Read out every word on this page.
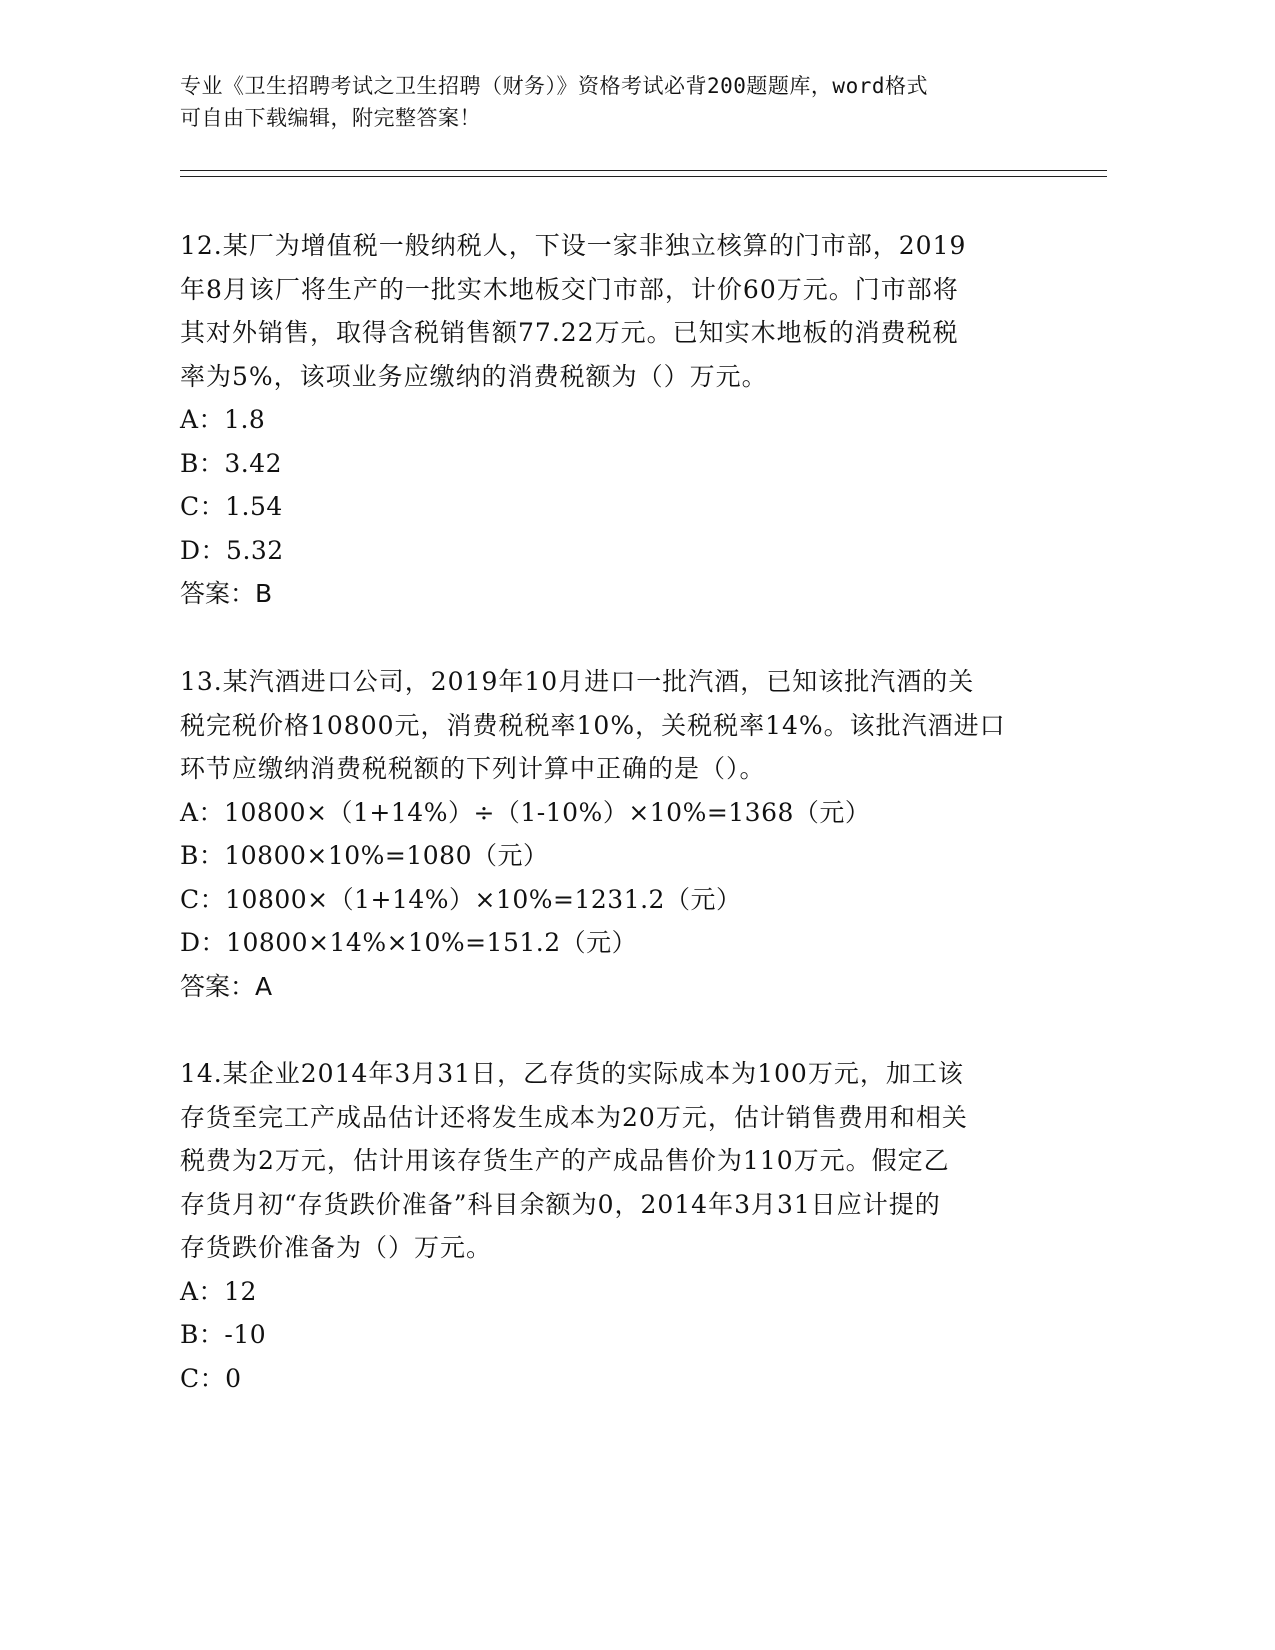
专业《卫生招聘考试之卫生招聘（财务）》资格考试必背200题题库，word格式
可自由下载编辑，附完整答案！
12.某厂为增值税一般纳税人，下设一家非独立核算的门市部，2019
年8月该厂将生产的一批实木地板交门市部，计价60万元。门市部将
其对外销售，取得含税销售额77.22万元。已知实木地板的消费税税
率为5%，该项业务应缴纳的消费税额为（）万元。
A：1.8
B：3.42
C：1.54
D：5.32
答案：B
13.某汽酒进口公司，2019年10月进口一批汽酒，已知该批汽酒的关
税完税价格10800元，消费税税率10%，关税税率14%。该批汽酒进口
环节应缴纳消费税税额的下列计算中正确的是（）。
A：10800×（1+14%）÷（1-10%）×10%=1368（元）
B：10800×10%=1080（元）
C：10800×（1+14%）×10%=1231.2（元）
D：10800×14%×10%=151.2（元）
答案：A
14.某企业2014年3月31日，乙存货的实际成本为100万元，加工该
存货至完工产成品估计还将发生成本为20万元，估计销售费用和相关
税费为2万元，估计用该存货生产的产成品售价为110万元。假定乙
存货月初“存货跌价准备”科目余额为0，2014年3月31日应计提的
存货跌价准备为（）万元。
A：12
B：-10
C：0
